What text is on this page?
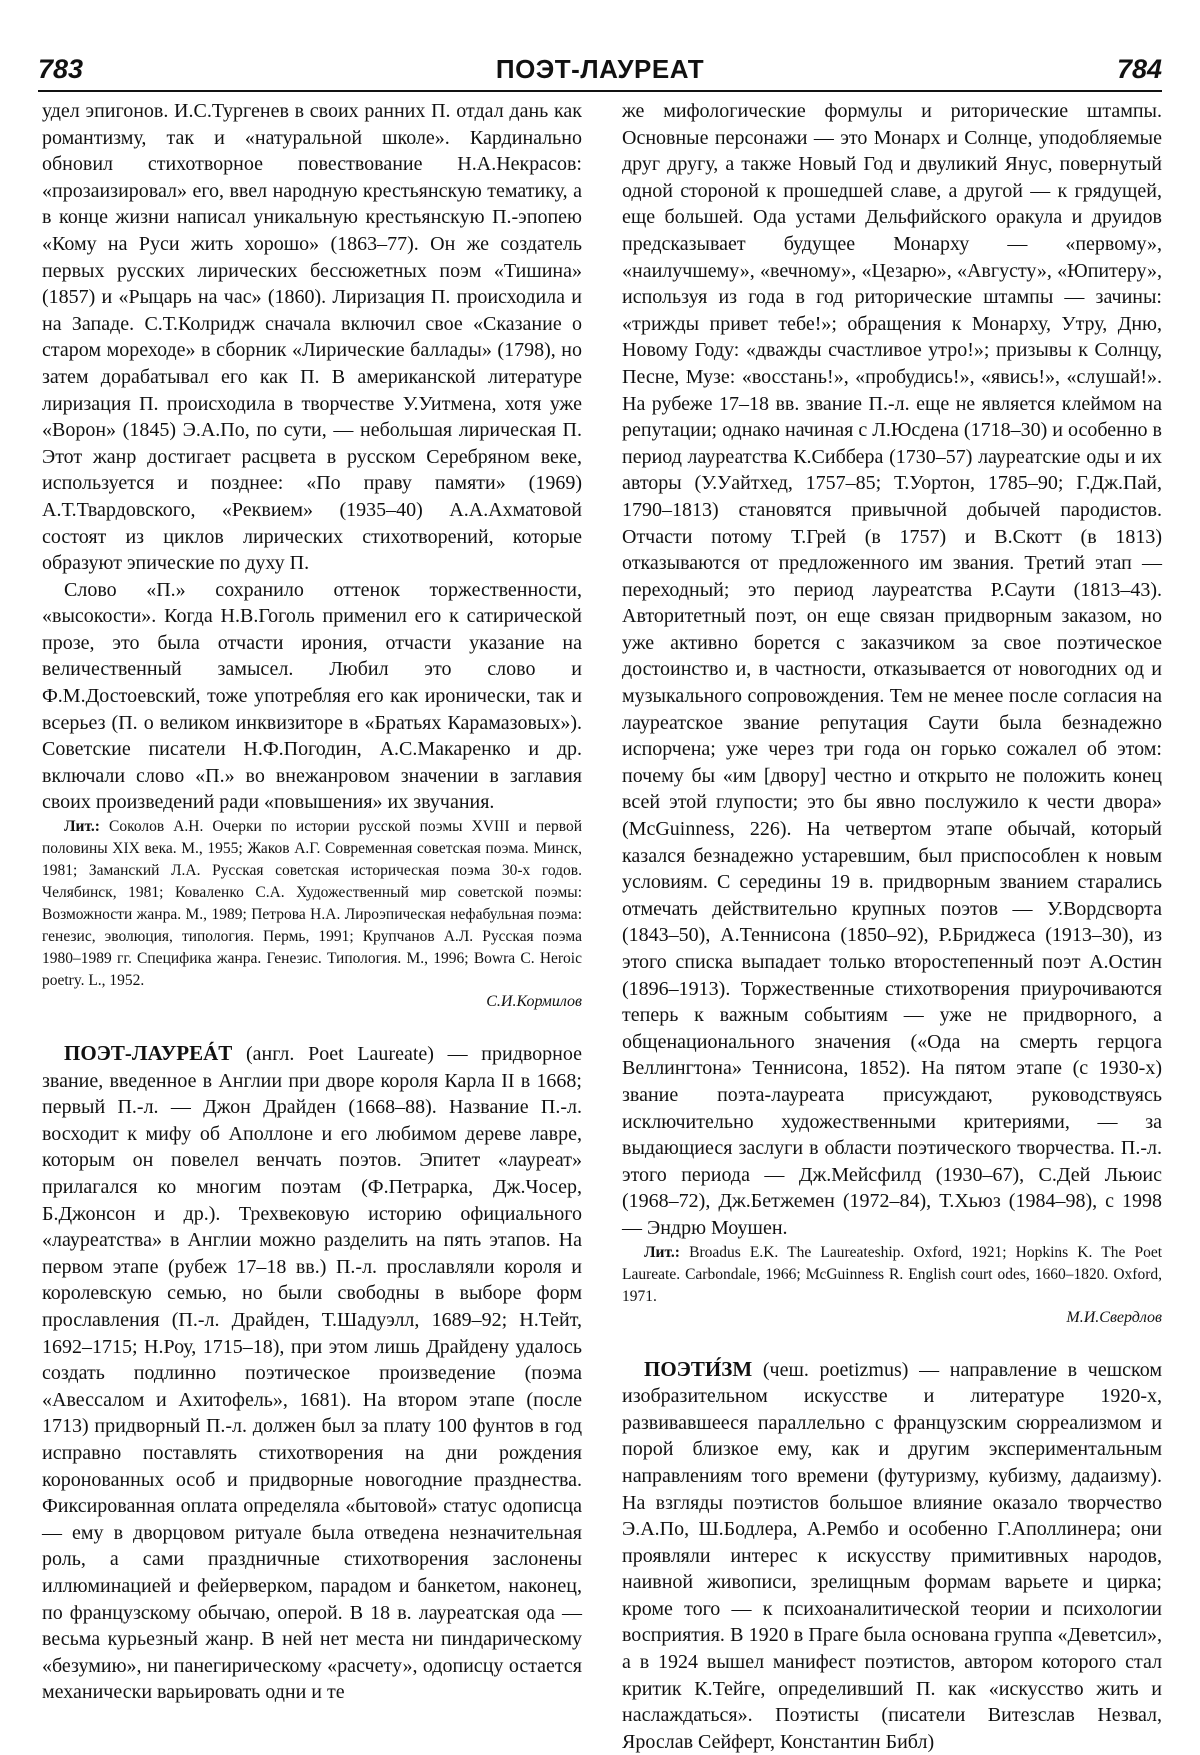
783	ПОЭТ-ЛАУРЕАТ	784

удел эпигонов. И.С.Тургенев в своих ранних П. отдал дань как романтизму, так и «натуральной школе». Кардинально обновил стихотворное повествование Н.А.Некрасов: «прозаизировал» его, ввел народную крестьянскую тематику, а в конце жизни написал уникальную крестьянскую П.-эпопею «Кому на Руси жить хорошо» (1863–77). Он же создатель первых русских лирических бессюжетных поэм «Тишина» (1857) и «Рыцарь на час» (1860). Лиризация П. происходила и на Западе. С.Т.Колридж сначала включил свое «Сказание о старом мореходе» в сборник «Лирические баллады» (1798), но затем дорабатывал его как П. В американской литературе лиризация П. происходила в творчестве У.Уитмена, хотя уже «Ворон» (1845) Э.А.По, по сути, — небольшая лирическая П. Этот жанр достигает расцвета в русском Серебряном веке, используется и позднее: «По праву памяти» (1969) А.Т.Твардовского, «Реквием» (1935–40) А.А.Ахматовой состоят из циклов лирических стихотворений, которые образуют эпические по духу П.

Слово «П.» сохранило оттенок торжественности, «высокости». Когда Н.В.Гоголь применил его к сатирической прозе, это была отчасти ирония, отчасти указание на величественный замысел. Любил это слово и Ф.М.Достоевский, тоже употребляя его как иронически, так и всерьез (П. о великом инквизиторе в «Братьях Карамазовых»). Советские писатели Н.Ф.Погодин, А.С.Макаренко и др. включали слово «П.» во внежанровом значении в заглавия своих произведений ради «повышения» их звучания.

Лит.: Соколов А.Н. Очерки по истории русской поэмы XVIII и первой половины XIX века. М., 1955; Жаков А.Г. Современная советская поэма. Минск, 1981; Заманский Л.А. Русская советская историческая поэма 30-х годов. Челябинск, 1981; Коваленко С.А. Художественный мир советской поэмы: Возможности жанра. М., 1989; Петрова Н.А. Лироэпическая нефабульная поэма: генезис, эволюция, типология. Пермь, 1991; Крупчанов А.Л. Русская поэма 1980–1989 гг. Специфика жанра. Генезис. Типология. М., 1996; Bowra C. Heroic poetry. L., 1952.
С.И.Кормилов

ПОЭТ-ЛАУРЕÁТ (англ. Poet Laureate) — придворное звание, введенное в Англии при дворе короля Карла II в 1668; первый П.-л. — Джон Драйден (1668–88). Название П.-л. восходит к мифу об Аполлоне и его любимом дереве лавре, которым он повелел венчать поэтов. Эпитет «лауреат» прилагался ко многим поэтам (Ф.Петрарка, Дж.Чосер, Б.Джонсон и др.). Трехвековую историю официального «лауреатства» в Англии можно разделить на пять этапов. На первом этапе (рубеж 17–18 вв.) П.-л. прославляли короля и королевскую семью, но были свободны в выборе форм прославления (П.-л. Драйден, Т.Шадуэлл, 1689–92; Н.Тейт, 1692–1715; Н.Роу, 1715–18), при этом лишь Драйдену удалось создать подлинно поэтическое произведение (поэма «Авессалом и Ахитофель», 1681). На втором этапе (после 1713) придворный П.-л. должен был за плату 100 фунтов в год исправно поставлять стихотворения на дни рождения коронованных особ и придворные новогодние празднества. Фиксированная оплата определяла «бытовой» статус одописца — ему в дворцовом ритуале была отведена незначительная роль, а сами праздничные стихотворения заслонены иллюминацией и фейерверком, парадом и банкетом, наконец, по французскому обычаю, оперой. В 18 в. лауреатская ода — весьма курьезный жанр. В ней нет места ни пиндарическому «безумию», ни панегирическому «расчету», одописцу остается механически варьировать одни и те

же мифологические формулы и риторические штампы. Основные персонажи — это Монарх и Солнце, уподобляемые друг другу, а также Новый Год и двуликий Янус, повернутый одной стороной к прошедшей славе, а другой — к грядущей, еще большей. Ода устами Дельфийского оракула и друидов предсказывает будущее Монарху — «первому», «наилучшему», «вечному», «Цезарю», «Августу», «Юпитеру», используя из года в год риторические штампы — зачины: «трижды привет тебе!»; обращения к Монарху, Утру, Дню, Новому Году: «дважды счастливое утро!»; призывы к Солнцу, Песне, Музе: «восстань!», «пробудись!», «явись!», «слушай!». На рубеже 17–18 вв. звание П.-л. еще не является клеймом на репутации; однако начиная с Л.Юсдена (1718–30) и особенно в период лауреатства К.Сиббера (1730–57) лауреатские оды и их авторы (У.Уайтхед, 1757–85; Т.Уортон, 1785–90; Г.Дж.Пай, 1790–1813) становятся привычной добычей пародистов. Отчасти потому Т.Грей (в 1757) и В.Скотт (в 1813) отказываются от предложенного им звания. Третий этап — переходный; это период лауреатства Р.Саути (1813–43). Авторитетный поэт, он еще связан придворным заказом, но уже активно борется с заказчиком за свое поэтическое достоинство и, в частности, отказывается от новогодних од и музыкального сопровождения. Тем не менее после согласия на лауреатское звание репутация Саути была безнадежно испорчена; уже через три года он горько сожалел об этом: почему бы «им [двору] честно и открыто не положить конец всей этой глупости; это бы явно послужило к чести двора» (McGuinness, 226). На четвертом этапе обычай, который казался безнадежно устаревшим, был приспособлен к новым условиям. С середины 19 в. придворным званием старались отмечать действительно крупных поэтов — У.Вордсворта (1843–50), А.Теннисона (1850–92), Р.Бриджеса (1913–30), из этого списка выпадает только второстепенный поэт А.Остин (1896–1913). Торжественные стихотворения приурочиваются теперь к важным событиям — уже не придворного, а общенационального значения («Ода на смерть герцога Веллингтона» Теннисона, 1852). На пятом этапе (с 1930-х) звание поэта-лауреата присуждают, руководствуясь исключительно художественными критериями, — за выдающиеся заслуги в области поэтического творчества. П.-л. этого периода — Дж.Мейсфилд (1930–67), С.Дей Льюис (1968–72), Дж.Бетжемен (1972–84), Т.Хьюз (1984–98), с 1998 — Эндрю Моушен.

Лит.: Broadus E.K. The Laureateship. Oxford, 1921; Hopkins K. The Poet Laureate. Carbondale, 1966; McGuinness R. English court odes, 1660–1820. Oxford, 1971.
М.И.Свердлов

ПОЭТИ́ЗМ (чеш. poetizmus) — направление в чешском изобразительном искусстве и литературе 1920-х, развивавшееся параллельно с французским сюрреализмом и порой близкое ему, как и другим экспериментальным направлениям того времени (футуризму, кубизму, дадаизму). На взгляды поэтистов большое влияние оказало творчество Э.А.По, Ш.Бодлера, А.Рембо и особенно Г.Аполлинера; они проявляли интерес к искусству примитивных народов, наивной живописи, зрелищным формам варьете и цирка; кроме того — к психоаналитической теории и психологии восприятия. В 1920 в Праге была основана группа «Деветсил», а в 1924 вышел манифест поэтистов, автором которого стал критик К.Тейге, определивший П. как «искусство жить и наслаждаться». Поэтисты (писатели Витезслав Незвал, Ярослав Сейферт, Константин Библ)
